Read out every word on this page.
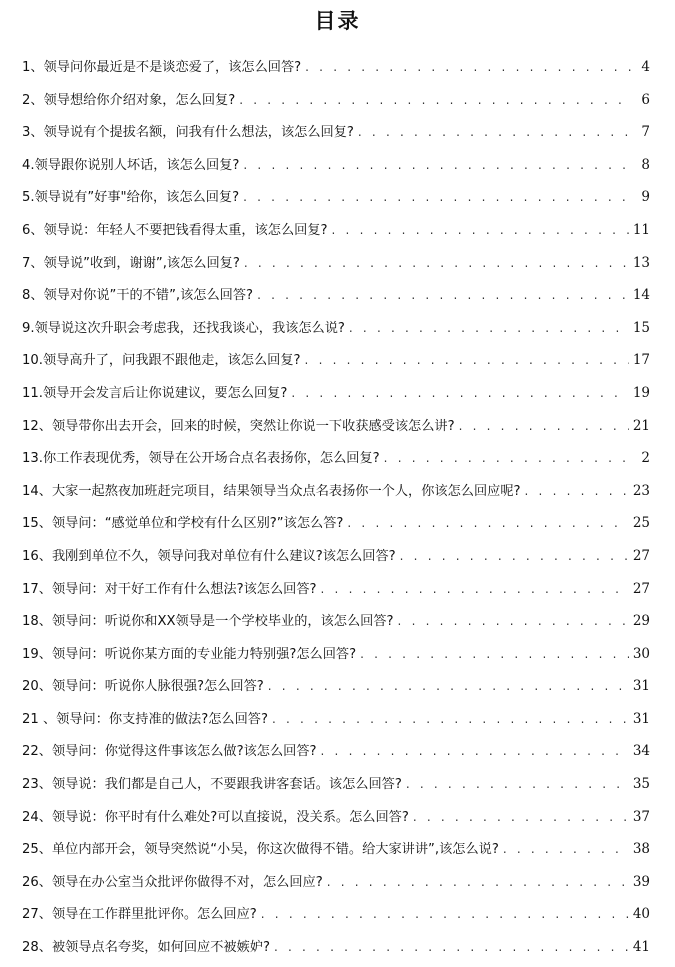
目录
1、领导问你最近是不是谈恋爱了，该怎么回答? . . .	4
2、领导想给你介绍对象，怎么回复? . . .	6
3、领导说有个提拔名额，问我有什么想法，该怎么回复? . . .	7
4.领导跟你说别人坏话，该怎么回复? . . .	8
5.领导说有”好事"给你，该怎么回复? . . .	9
6、领导说：年轻人不要把钱看得太重，该怎么回复? . . .	11
7、领导说”收到，谢谢”,该怎么回复? . . .	13
8、领导对你说”干的不错”,该怎么回答? . . .	14
9.领导说这次升职会考虑我，还找我谈心，我该怎么说? . . .	15
10.领导高升了，问我跟不跟他走，该怎么回复? . . .	17
11.领导开会发言后让你说建议，要怎么回复? . . .	19
12、领导带你出去开会，回来的时候，突然让你说一下收获感受该怎么讲? . . .	21
13.你工作表现优秀，领导在公开场合点名表扬你，怎么回复? . . .	2
14、大家一起熬夜加班赶完项目，结果领导当众点名表扬你一个人，你该怎么回应呢? . . .	23
15、领导问：“感觉单位和学校有什么区别?”该怎么答? . . .	25
16、我刚到单位不久，领导问我对单位有什么建议?该怎么回答? . . .	27
17、领导问：对干好工作有什么想法?该怎么回答? . . .	27
18、领导问：听说你和XX领导是一个学校毕业的，该怎么回答? . . .	29
19、领导问：听说你某方面的专业能力特别强?怎么回答? . . .	30
20、领导问：听说你人脉很强?怎么回答? . . .	31
21 、领导问：你支持准的做法?怎么回答? . . .	31
22、领导问：你觉得这件事该怎么做?该怎么回答? . . .	34
23、领导说：我们都是自己人，不要跟我讲客套话。该怎么回答? . . .	35
24、领导说：你平时有什么难处?可以直接说，没关系。怎么回答? . . .	37
25、单位内部开会，领导突然说“小吴，你这次做得不错。给大家讲讲”,该怎么说? . . .	38
26、领导在办公室当众批评你做得不对，怎么回应? . . .	39
27、领导在工作群里批评你。怎么回应? . . .	40
28、被领导点名夸奖，如何回应不被嫉妒? . . .	41
